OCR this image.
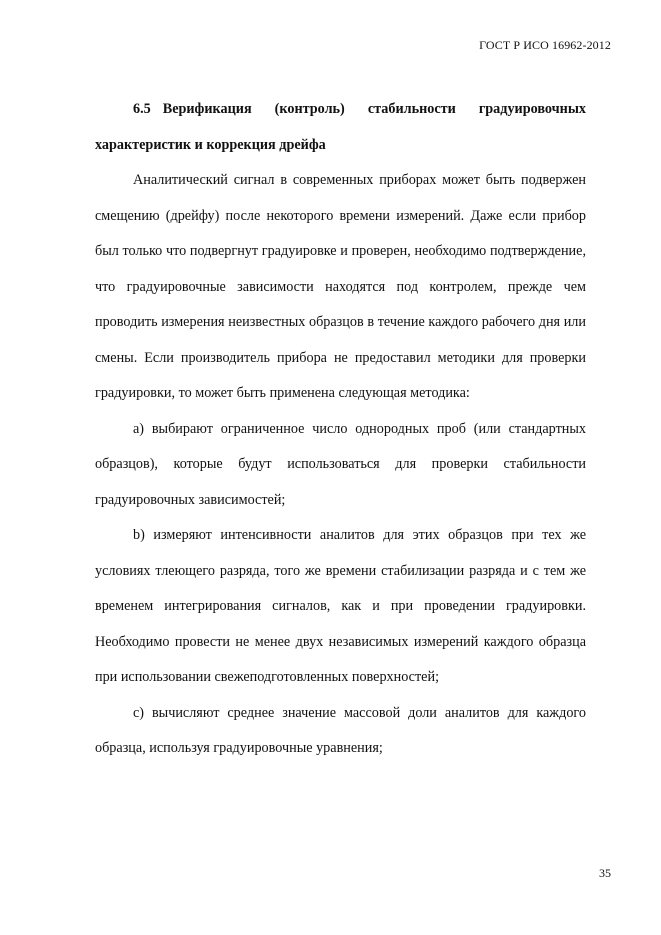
ГОСТ Р ИСО 16962-2012

6.5 Верификация (контроль) стабильности градуировочных характеристик и коррекция дрейфа

Аналитический сигнал в современных приборах может быть подвержен смещению (дрейфу) после некоторого времени измерений. Даже если прибор был только что подвергнут градуировке и проверен, необходимо подтверждение, что градуировочные зависимости находятся под контролем, прежде чем проводить измерения неизвестных образцов в течение каждого рабочего дня или смены. Если производитель прибора не предоставил методики для проверки градуировки, то может быть применена следующая методика:

a) выбирают ограниченное число однородных проб (или стандартных образцов), которые будут использоваться для проверки стабильности градуировочных зависимостей;

b) измеряют интенсивности аналитов для этих образцов при тех же условиях тлеющего разряда, того же времени стабилизации разряда и с тем же временем интегрирования сигналов, как и при проведении градуировки. Необходимо провести не менее двух независимых измерений каждого образца при использовании свежеподготовленных поверхностей;

c) вычисляют среднее значение массовой доли аналитов для каждого образца, используя градуировочные уравнения;

35
